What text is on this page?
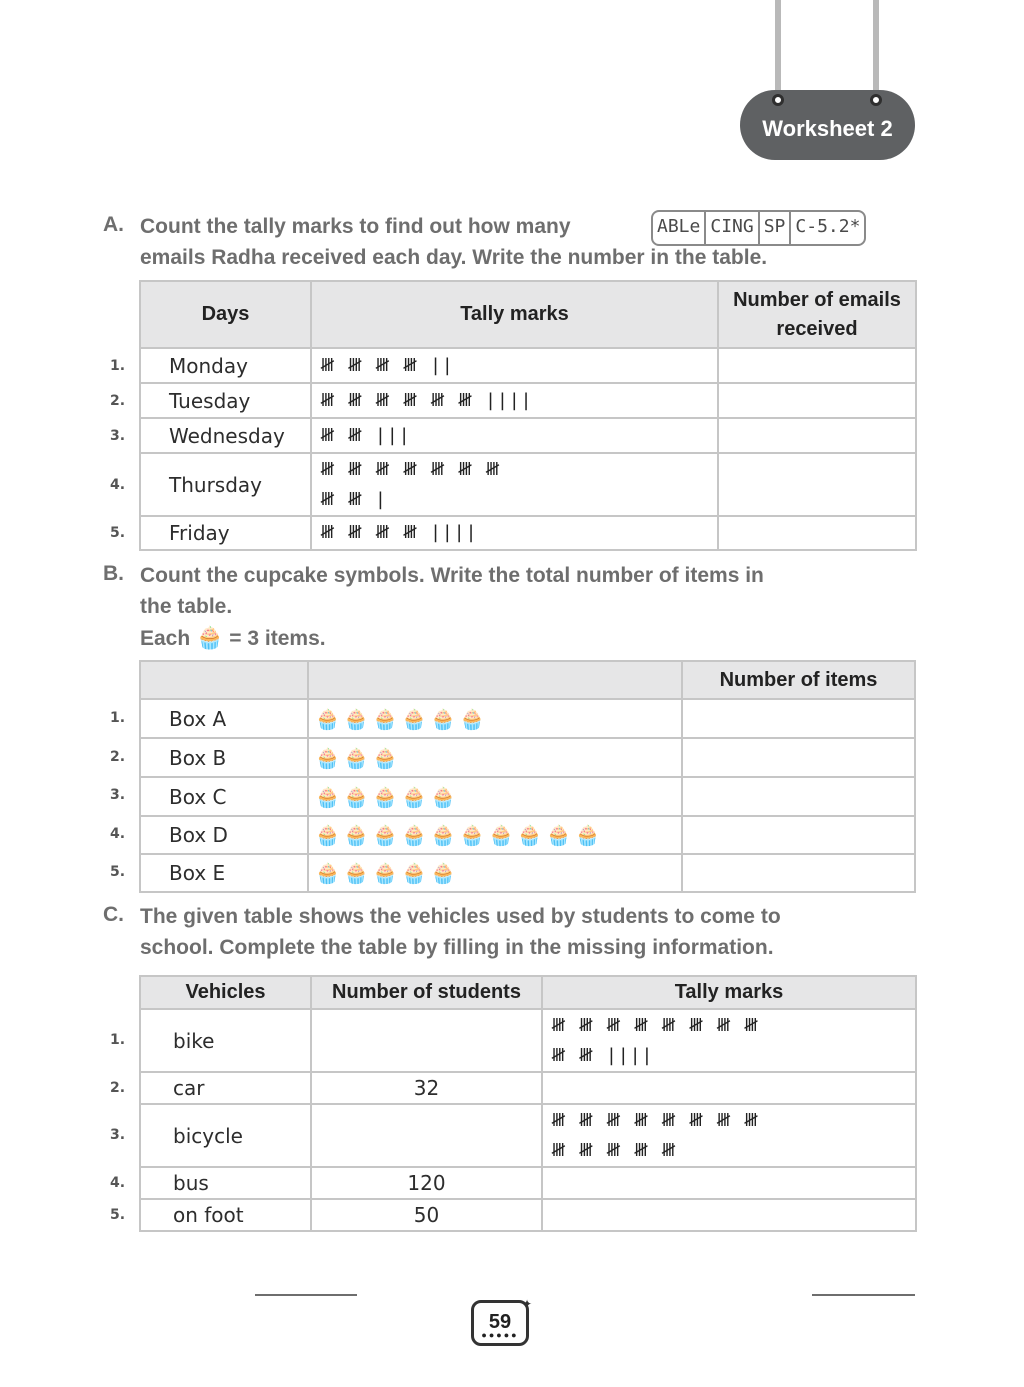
Worksheet 2
A. Count the tally marks to find out how many

emails Radha received each day. Write the number in the table.

ABLe CING SP C-5.2*
Days	Tally marks	Number of emails received
Monday	𝍸 𝍸 𝍸 𝍸 ||	
Tuesday	𝍸 𝍸 𝍸 𝍸 𝍸 𝍸 ||||	
Wednesday	𝍸 𝍸 |||	
Thursday	𝍸 𝍸 𝍸 𝍸 𝍸 𝍸 𝍸
𝍸 𝍸 |	
Friday	𝍸 𝍸 𝍸 𝍸 ||||	
1.
2.
3.
4.
5.
B. Count the cupcake symbols. Write the total number of items in

the table.

Each 🧁 = 3 items.

		Number of items
Box A	🧁🧁🧁🧁🧁🧁	
Box B	🧁🧁🧁	
Box C	🧁🧁🧁🧁🧁	
Box D	🧁🧁🧁🧁🧁🧁🧁🧁🧁🧁	
Box E	🧁🧁🧁🧁🧁	
1.
2.
3.
4.
5.
C. The given table shows the vehicles used by students to come to

school. Complete the table by filling in the missing information.

Vehicles	Number of students	Tally marks
bike		𝍸 𝍸 𝍸 𝍸 𝍸 𝍸 𝍸 𝍸
𝍸 𝍸 ||||
car	32	
bicycle		𝍸 𝍸 𝍸 𝍸 𝍸 𝍸 𝍸 𝍸
𝍸 𝍸 𝍸 𝍸 𝍸
bus	120	
on foot	50	
1.
2.
3.
4.
5.
59
●●●●●
✦
